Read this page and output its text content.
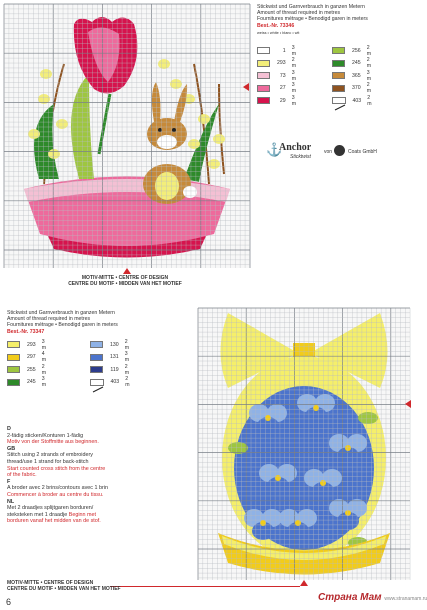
MOTIV-MITTE • CENTRE OF DESIGN
CENTRE DU MOTIF • MIDDEN VAN HET MOTIEF
Stickwist und Garnverbrauch in ganzen Metern
Amount of thread required in metres
Fournitures métrage • Benodigd garen in meters
Best.-Nr. 73346
weiss • white • blanc • wit
1 3 m
293 2 m
73 3 m
27 3 m
29 3 m
256 2 m
245 2 m
365 3 m
370 2 m
403 2 m
⚓
Anchor
Sticktwist
von	Coats GmbH
Stickwist und Garnverbrauch in ganzen Metern
Amount of thread required in metres
Fournitures métrage • Benodigd garen in meters
Best.-Nr. 73347
293 3 m
297 4 m
255 2 m
245 3 m
130 2 m
131 3 m
119 2 m
403 2 m
D
2-fädig sticken/Konturen 1-fädig
Motiv von der Stoffmitte aus beginnen.
GB
Stitch using 2 strands of embroidery
thread/use 1 strand for back-stitch
Start counted cross stitch from the centre
of the fabric.
F
A broder avec 2 brins/contours avec 1 brin
Commencer à broder au centre du tissu.
NL
Met 2 draadjes splijtgaren borduren/
steksteken met 1 draadje Beginn met
borduren vanaf het midden van de stof.
MOTIV-MITTE • CENTRE OF DESIGN
CENTRE DU MOTIF • MIDDEN VAN HET MOTIEF
6	Страна Мам www.stranamam.ru
